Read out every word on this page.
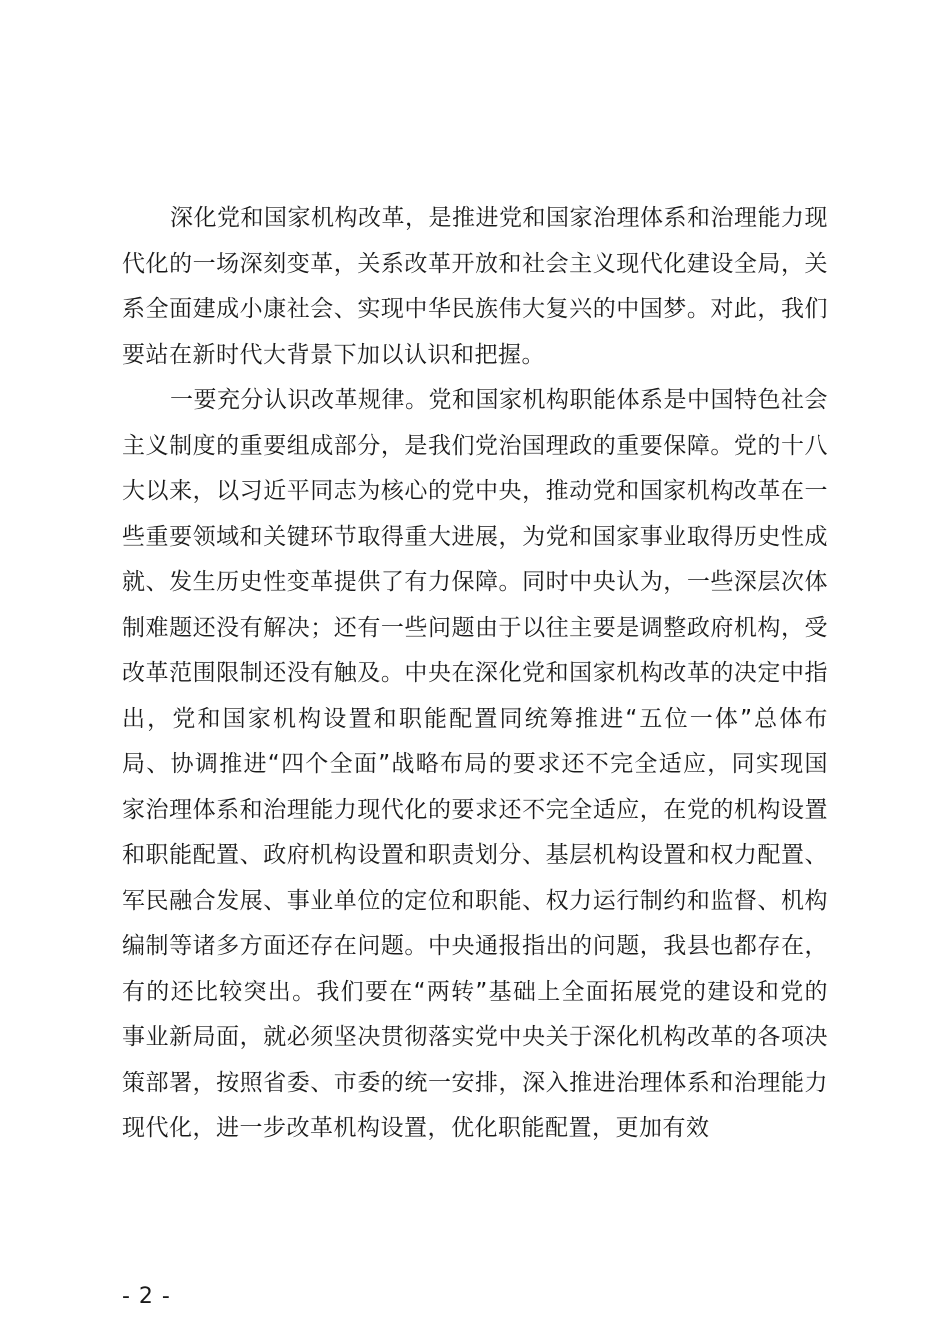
深化党和国家机构改革，是推进党和国家治理体系和治理能力现代化的一场深刻变革，关系改革开放和社会主义现代化建设全局，关系全面建成小康社会、实现中华民族伟大复兴的中国梦。对此，我们要站在新时代大背景下加以认识和把握。

一要充分认识改革规律。党和国家机构职能体系是中国特色社会主义制度的重要组成部分，是我们党治国理政的重要保障。党的十八大以来，以习近平同志为核心的党中央，推动党和国家机构改革在一些重要领域和关键环节取得重大进展，为党和国家事业取得历史性成就、发生历史性变革提供了有力保障。同时中央认为，一些深层次体制难题还没有解决；还有一些问题由于以往主要是调整政府机构，受改革范围限制还没有触及。中央在深化党和国家机构改革的决定中指出，党和国家机构设置和职能配置同统筹推进“五位一体”总体布局、协调推进“四个全面”战略布局的要求还不完全适应，同实现国家治理体系和治理能力现代化的要求还不完全适应，在党的机构设置和职能配置、政府机构设置和职责划分、基层机构设置和权力配置、军民融合发展、事业单位的定位和职能、权力运行制约和监督、机构编制等诸多方面还存在问题。中央通报指出的问题，我县也都存在，有的还比较突出。我们要在“两转”基础上全面拓展党的建设和党的事业新局面，就必须坚决贯彻落实党中央关于深化机构改革的各项决策部署，按照省委、市委的统一安排，深入推进治理体系和治理能力现代化，进一步改革机构设置，优化职能配置，更加有效

- 2 -
